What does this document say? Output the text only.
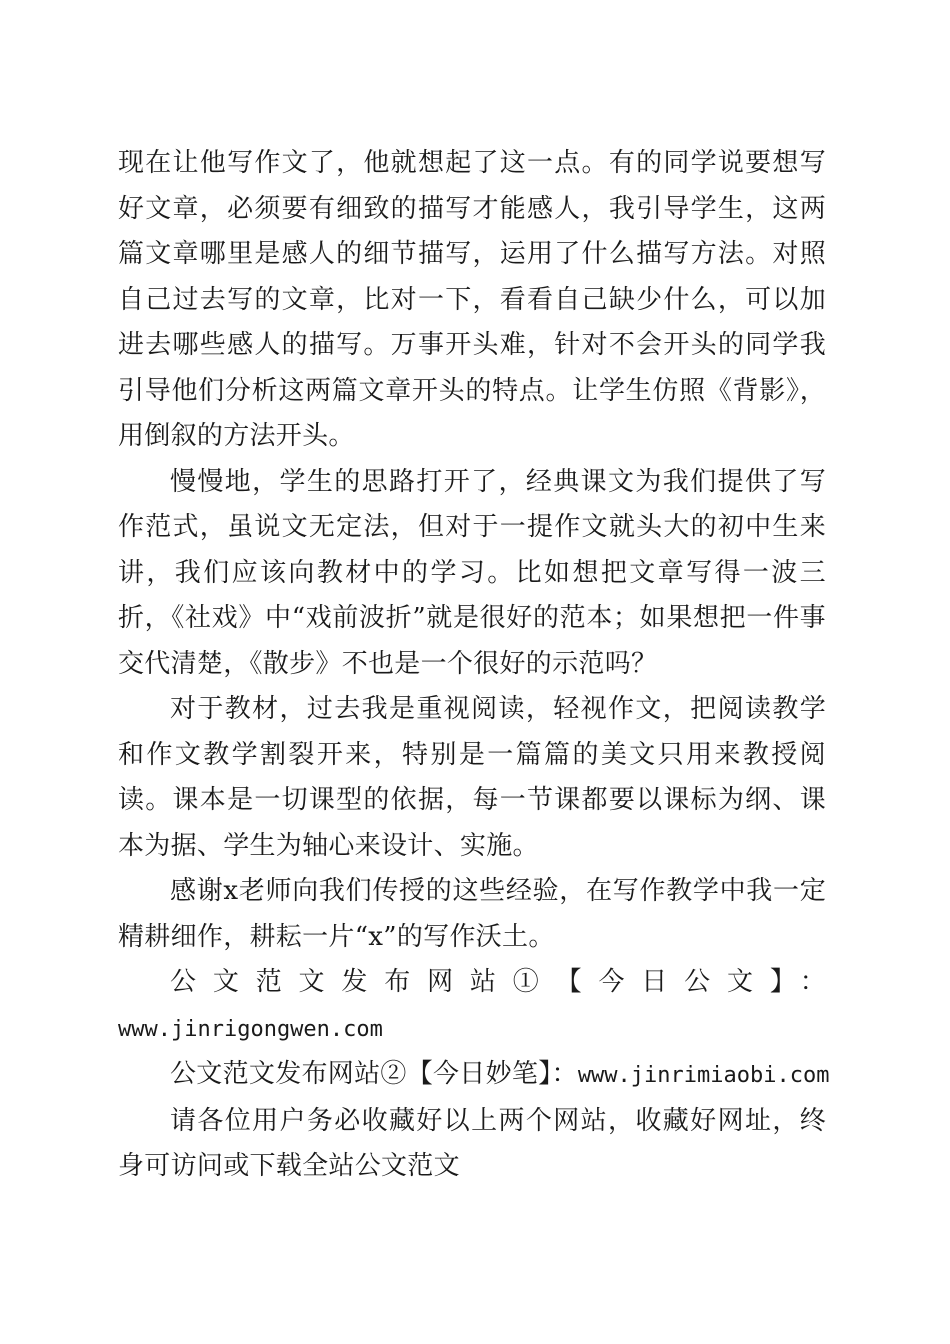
现在让他写作文了，他就想起了这一点。有的同学说要想写好文章，必须要有细致的描写才能感人，我引导学生，这两篇文章哪里是感人的细节描写，运用了什么描写方法。对照自己过去写的文章，比对一下，看看自己缺少什么，可以加进去哪些感人的描写。万事开头难，针对不会开头的同学我引导他们分析这两篇文章开头的特点。让学生仿照《背影》，用倒叙的方法开头。

慢慢地，学生的思路打开了，经典课文为我们提供了写作范式，虽说文无定法，但对于一提作文就头大的初中生来讲，我们应该向教材中的学习。比如想把文章写得一波三折，《社戏》中“戏前波折”就是很好的范本；如果想把一件事交代清楚，《散步》不也是一个很好的示范吗？

对于教材，过去我是重视阅读，轻视作文，把阅读教学和作文教学割裂开来，特别是一篇篇的美文只用来教授阅读。课本是一切课型的依据，每一节课都要以课标为纲、课本为据、学生为轴心来设计、实施。

感谢x老师向我们传授的这些经验，在写作教学中我一定精耕细作，耕耘一片“x”的写作沃土。

公文范文发布网站①【今日公文】：

www.jinrigongwen.com

公文范文发布网站②【今日妙笔】：www.jinrimiaobi.com

请各位用户务必收藏好以上两个网站，收藏好网址，终身可访问或下载全站公文范文
